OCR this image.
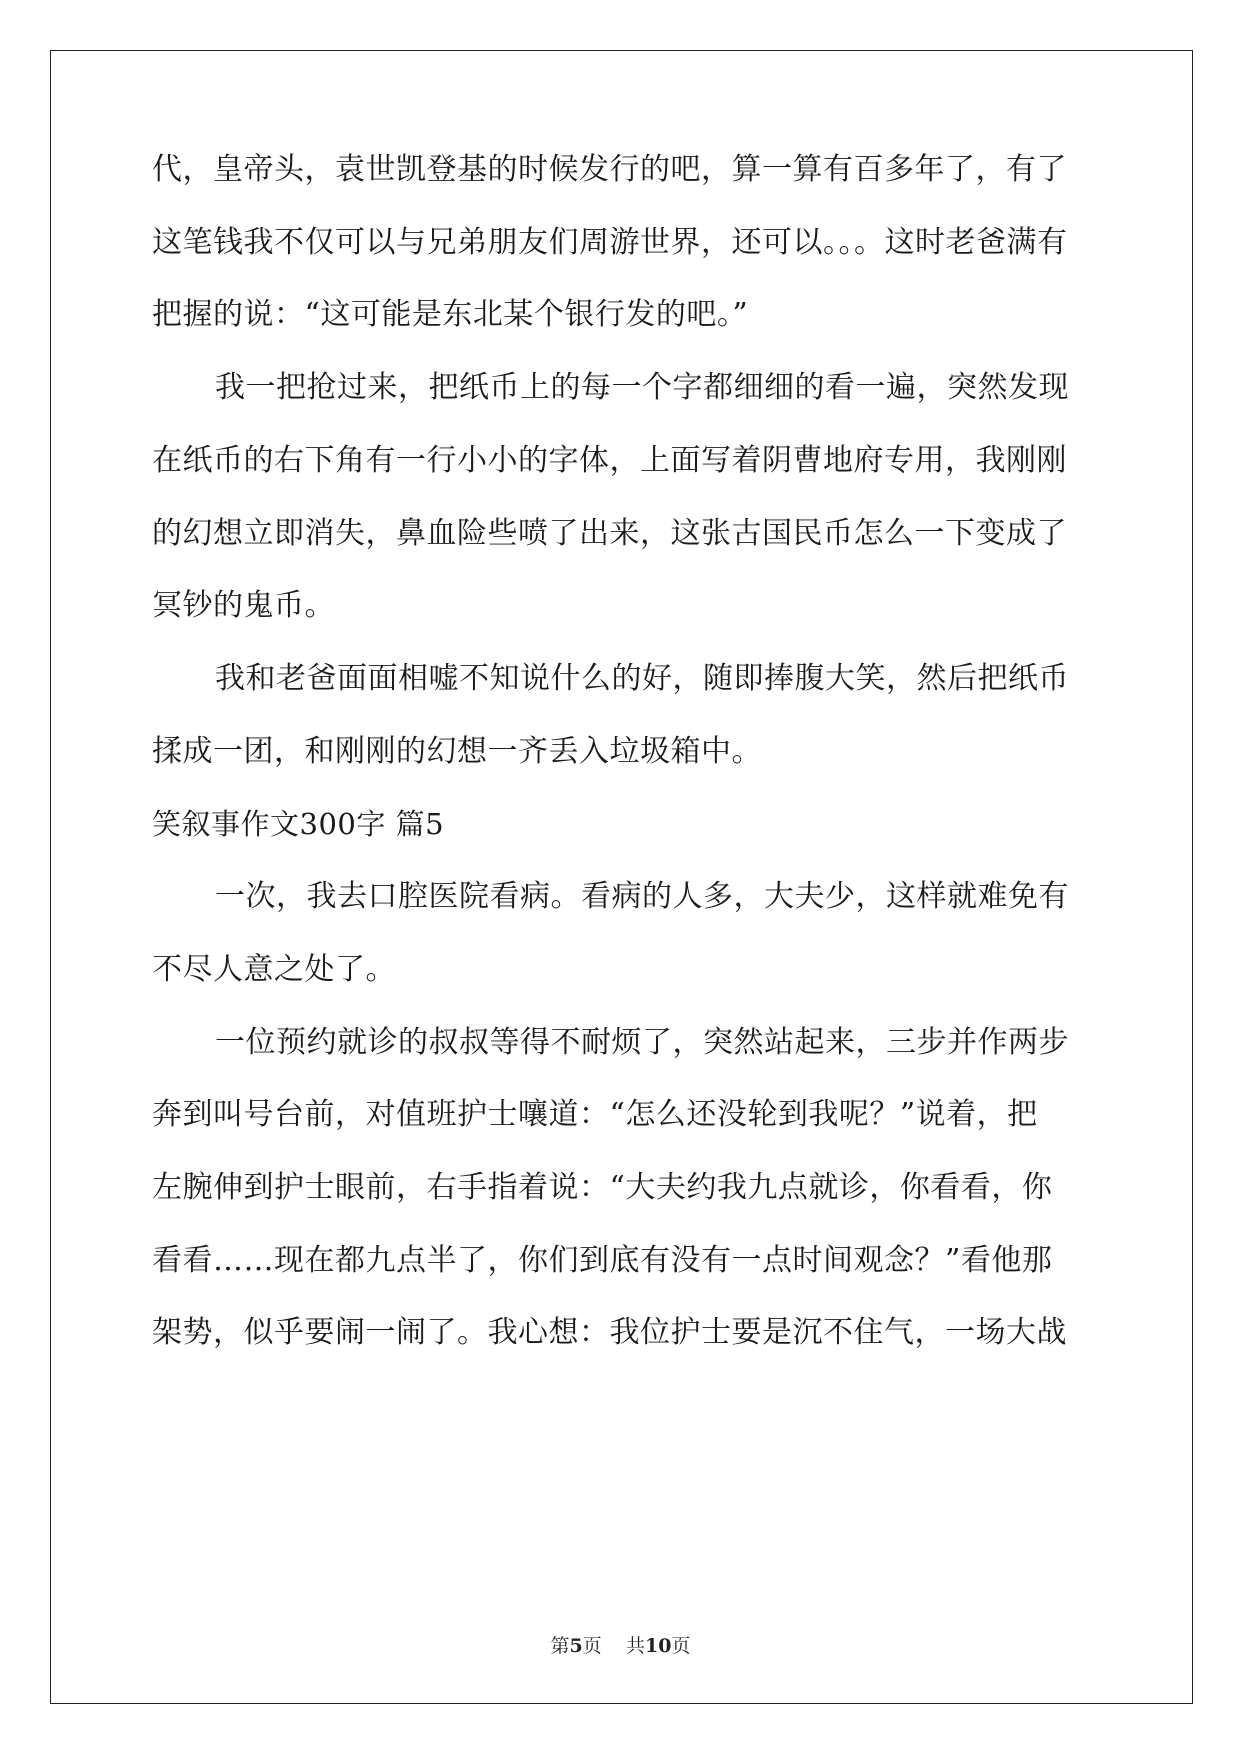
代，皇帝头，袁世凯登基的时候发行的吧，算一算有百多年了，有了
这笔钱我不仅可以与兄弟朋友们周游世界，还可以。。。这时老爸满有
把握的说：“这可能是东北某个银行发的吧。”
我一把抢过来，把纸币上的每一个字都细细的看一遍，突然发现
在纸币的右下角有一行小小的字体，上面写着阴曹地府专用，我刚刚
的幻想立即消失，鼻血险些喷了出来，这张古国民币怎么一下变成了
冥钞的鬼币。
我和老爸面面相嘘不知说什么的好，随即捧腹大笑，然后把纸币
揉成一团，和刚刚的幻想一齐丢入垃圾箱中。
笑叙事作文300字 篇5
一次，我去口腔医院看病。看病的人多，大夫少，这样就难免有
不尽人意之处了。
一位预约就诊的叔叔等得不耐烦了，突然站起来，三步并作两步
奔到叫号台前，对值班护士嚷道：“怎么还没轮到我呢？”说着，把
左腕伸到护士眼前，右手指着说：“大夫约我九点就诊，你看看，你
看看……现在都九点半了，你们到底有没有一点时间观念？”看他那
架势，似乎要闹一闹了。我心想：我位护士要是沉不住气，一场大战
第5页 共10页
